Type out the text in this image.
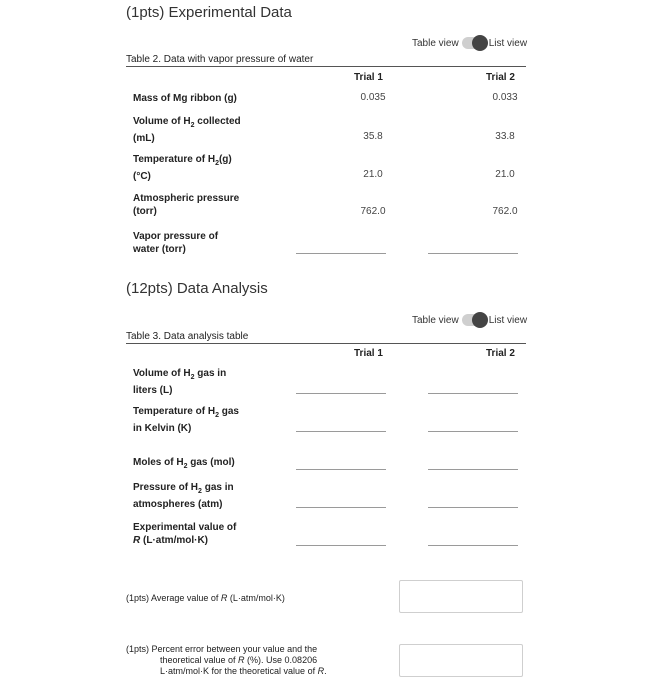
(1pts) Experimental Data
Table view	List view
Table 2. Data with vapor pressure of water
Trial 1	Trial 2
Mass of Mg ribbon (g)	0.035	0.033
Volume of $H_2$ collected
(mL)	35.8	33.8
Temperature of $H_2(g)$
(°C)	21.0	21.0
Atmospheric pressure
(torr)	762.0	762.0
Vapor pressure of
water (torr)
(12pts) Data Analysis
Table view	List view
Table 3. Data analysis table
Trial 1	Trial 2
Volume of $H_2$ gas in
liters (L)
Temperature of $H_2$ gas
in Kelvin (K)
Moles of $H_2$ gas (mol)
Pressure of $H_2$ gas in
atmospheres (atm)
Experimental value of
R (L·atm/mol·K)
(1pts) Average value of R (L·atm/mol·K)
(1pts) Percent error between your value and the
theoretical value of R (%). Use 0.08206
L·atm/mol·K for the theoretical value of R.
